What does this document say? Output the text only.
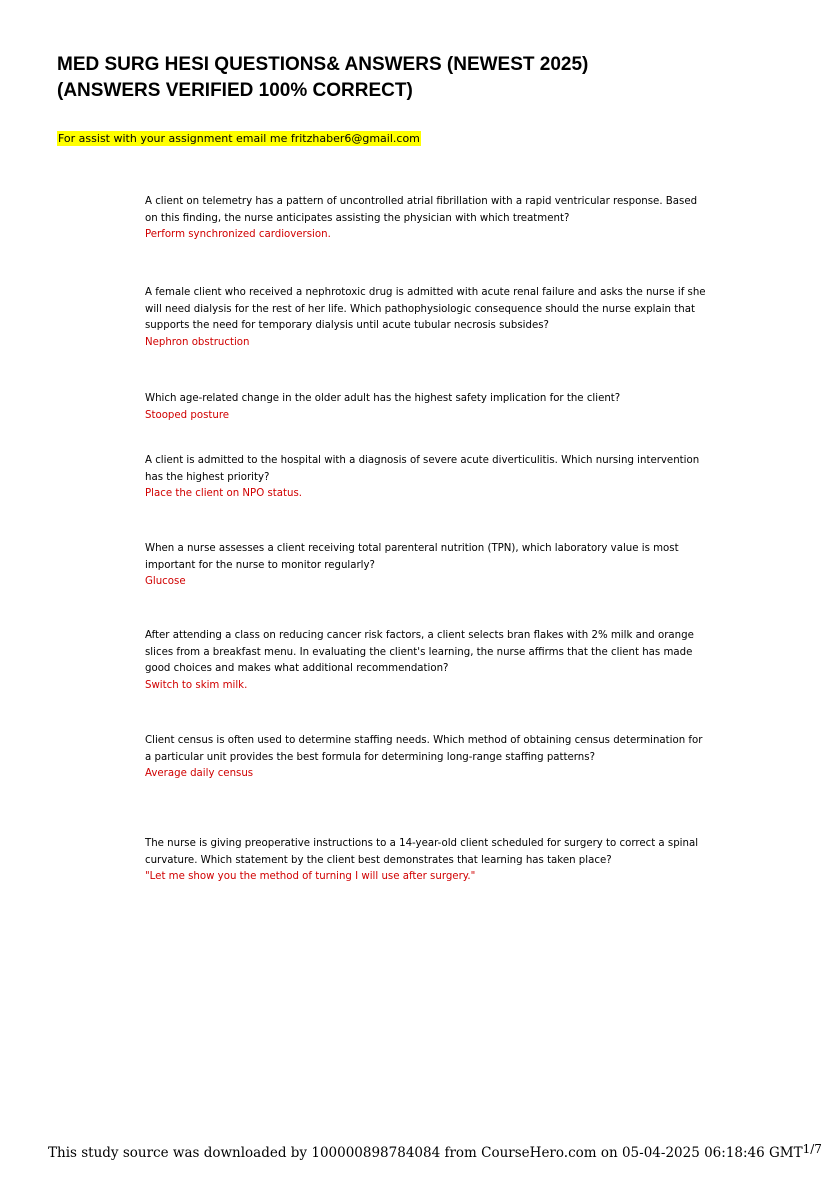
MED SURG HESI QUESTIONS& ANSWERS (NEWEST 2025)
(ANSWERS VERIFIED 100% CORRECT)
For assist with your assignment email me fritzhaber6@gmail.com

A client on telemetry has a pattern of uncontrolled atrial fibrillation with a rapid ventricular response. Based on this finding, the nurse anticipates assisting the physician with which treatment?

Perform synchronized cardioversion.

A female client who received a nephrotoxic drug is admitted with acute renal failure and asks the nurse if she will need dialysis for the rest of her life. Which pathophysiologic consequence should the nurse explain that supports the need for temporary dialysis until acute tubular necrosis subsides?

Nephron obstruction

Which age-related change in the older adult has the highest safety implication for the client?

Stooped posture

A client is admitted to the hospital with a diagnosis of severe acute diverticulitis. Which nursing intervention has the highest priority?

Place the client on NPO status.

When a nurse assesses a client receiving total parenteral nutrition (TPN), which laboratory value is most important for the nurse to monitor regularly?

Glucose

After attending a class on reducing cancer risk factors, a client selects bran flakes with 2% milk and orange slices from a breakfast menu. In evaluating the client's learning, the nurse affirms that the client has made good choices and makes what additional recommendation?

Switch to skim milk.

Client census is often used to determine staffing needs. Which method of obtaining census determination for a particular unit provides the best formula for determining long-range staffing patterns?

Average daily census

The nurse is giving preoperative instructions to a 14-year-old client scheduled for surgery to correct a spinal curvature. Which statement by the client best demonstrates that learning has taken place?

"Let me show you the method of turning I will use after surgery."

This study source was downloaded by 100000898784084 from CourseHero.com on 05-04-2025 06:18:46 GMT1/7
